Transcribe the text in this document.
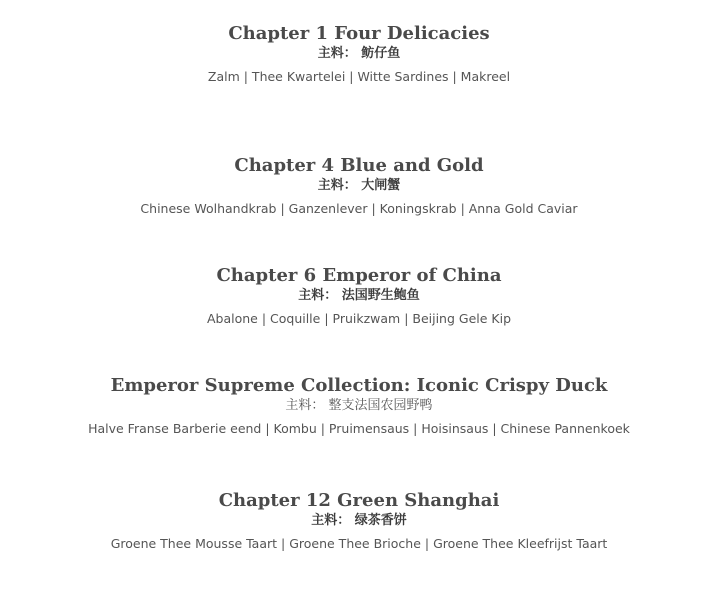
Chapter 1 Four Delicacies
主料： 鲂仔鱼
Zalm | Thee Kwartelei | Witte Sardines | Makreel
Chapter 4 Blue and Gold
主料： 大闸蟹
Chinese Wolhandkrab | Ganzenlever | Koningskrab | Anna Gold Caviar
Chapter 6 Emperor of China
主料： 法国野生鲍鱼
Abalone | Coquille | Pruikzwam | Beijing Gele Kip
Emperor Supreme Collection: Iconic Crispy Duck
主料： 整支法国农园野鸭
Halve Franse Barberie eend | Kombu | Pruimensaus | Hoisinsaus | Chinese Pannenkoek
Chapter 12 Green Shanghai
主料： 绿茶香饼
Groene Thee Mousse Taart | Groene Thee Brioche | Groene Thee Kleefrijst Taart
